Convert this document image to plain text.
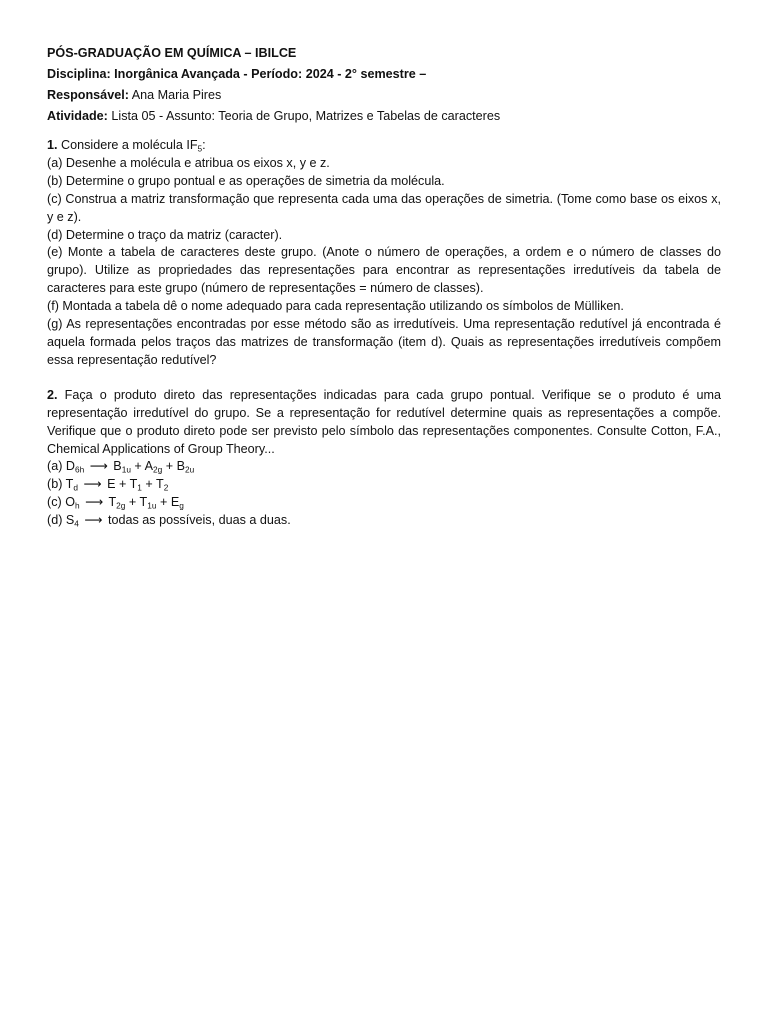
PÓS-GRADUAÇÃO EM QUÍMICA – IBILCE

Disciplina: Inorgânica Avançada - Período: 2024 - 2° semestre –

Responsável: Ana Maria Pires

Atividade: Lista 05 - Assunto: Teoria de Grupo, Matrizes e Tabelas de caracteres

1. Considere a molécula $IF_5$:

(a) Desenhe a molécula e atribua os eixos x, y e z.

(b) Determine o grupo pontual e as operações de simetria da molécula.

(c) Construa a matriz transformação que representa cada uma das operações de simetria. (Tome como base os eixos x, y e z).

(d) Determine o traço da matriz (caracter).

(e) Monte a tabela de caracteres deste grupo. (Anote o número de operações, a ordem e o número de classes do grupo). Utilize as propriedades das representações para encontrar as representações irredutíveis da tabela de caracteres para este grupo (número de representações = número de classes).

(f) Montada a tabela dê o nome adequado para cada representação utilizando os símbolos de Mülliken.

(g) As representações encontradas por esse método são as irredutíveis. Uma representação redutível já encontrada é aquela formada pelos traços das matrizes de transformação (item d). Quais as representações irredutíveis compõem essa representação redutível?

2. Faça o produto direto das representações indicadas para cada grupo pontual. Verifique se o produto é uma representação irredutível do grupo. Se a representação for redutível determine quais as representações a compõe. Verifique que o produto direto pode ser previsto pelo símbolo das representações componentes. Consulte Cotton, F.A., Chemical Applications of Group Theory...

(a) $D_{6h}$ ⟶ $B_{1u} + A_{2g} + B_{2u}$

(b) $T_d$ ⟶ $E + T_1 + T_2$

(c) $O_h$ ⟶ $T_{2g} + T_{1u} + E_g$

(d) $S_4$ ⟶ todas as possíveis, duas a duas.
